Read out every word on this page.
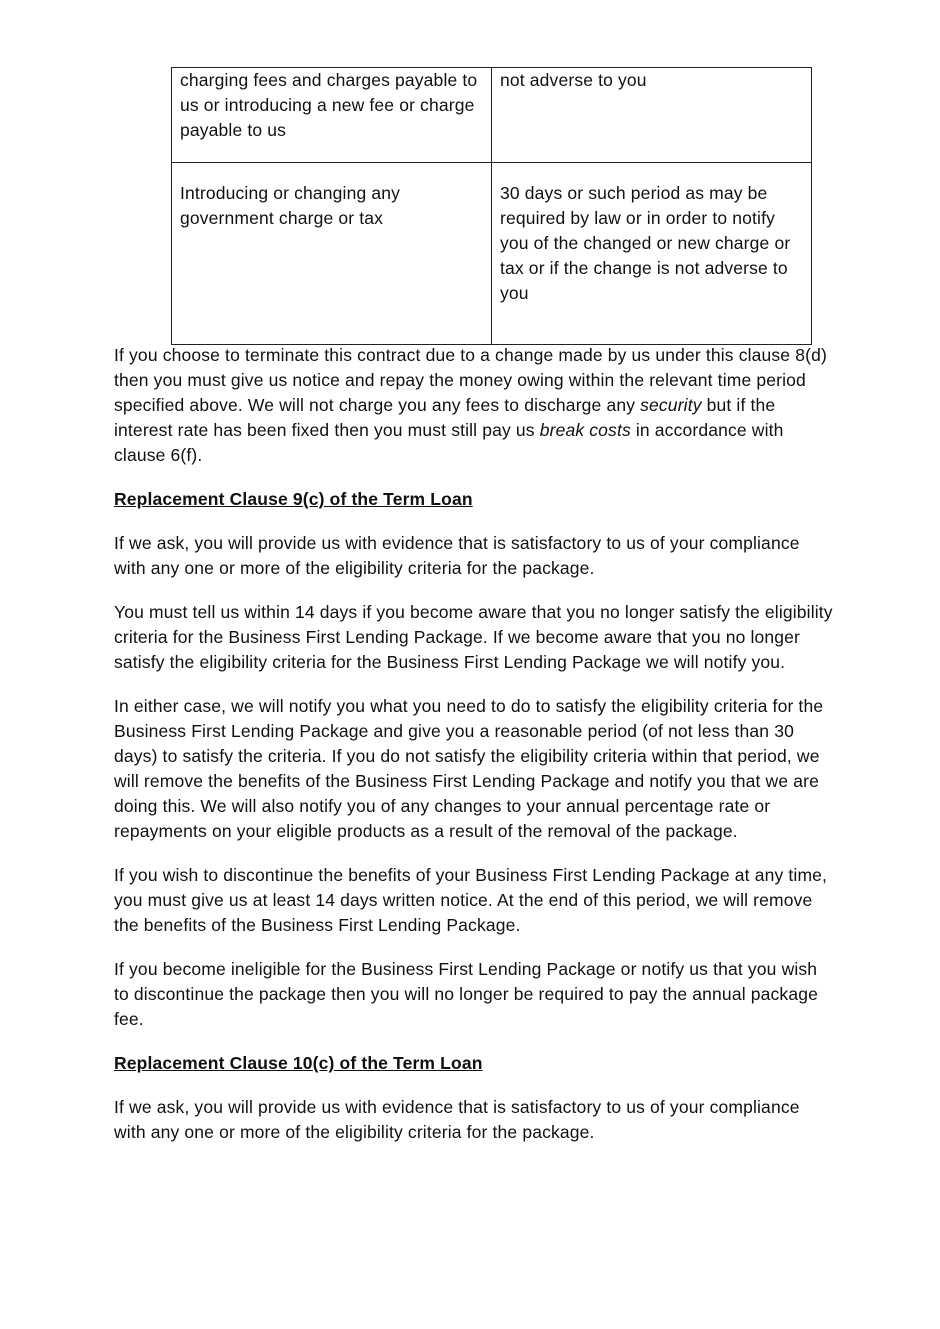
charging fees and charges payable to us or introducing a new fee or charge payable to us	not adverse to you
Introducing or changing any government charge or tax	30 days or such period as may be required by law or in order to notify you of the changed or new charge or tax or if the change is not adverse to you

If you choose to terminate this contract due to a change made by us under this clause 8(d) then you must give us notice and repay the money owing within the relevant time period specified above. We will not charge you any fees to discharge any security but if the interest rate has been fixed then you must still pay us break costs in accordance with clause 6(f).

Replacement Clause 9(c) of the Term Loan

If we ask, you will provide us with evidence that is satisfactory to us of your compliance with any one or more of the eligibility criteria for the package.

You must tell us within 14 days if you become aware that you no longer satisfy the eligibility criteria for the Business First Lending Package. If we become aware that you no longer satisfy the eligibility criteria for the Business First Lending Package we will notify you.

In either case, we will notify you what you need to do to satisfy the eligibility criteria for the Business First Lending Package and give you a reasonable period (of not less than 30 days) to satisfy the criteria. If you do not satisfy the eligibility criteria within that period, we will remove the benefits of the Business First Lending Package and notify you that we are doing this. We will also notify you of any changes to your annual percentage rate or repayments on your eligible products as a result of the removal of the package.

If you wish to discontinue the benefits of your Business First Lending Package at any time, you must give us at least 14 days written notice. At the end of this period, we will remove the benefits of the Business First Lending Package.

If you become ineligible for the Business First Lending Package or notify us that you wish to discontinue the package then you will no longer be required to pay the annual package fee.

Replacement Clause 10(c) of the Term Loan

If we ask, you will provide us with evidence that is satisfactory to us of your compliance with any one or more of the eligibility criteria for the package.
